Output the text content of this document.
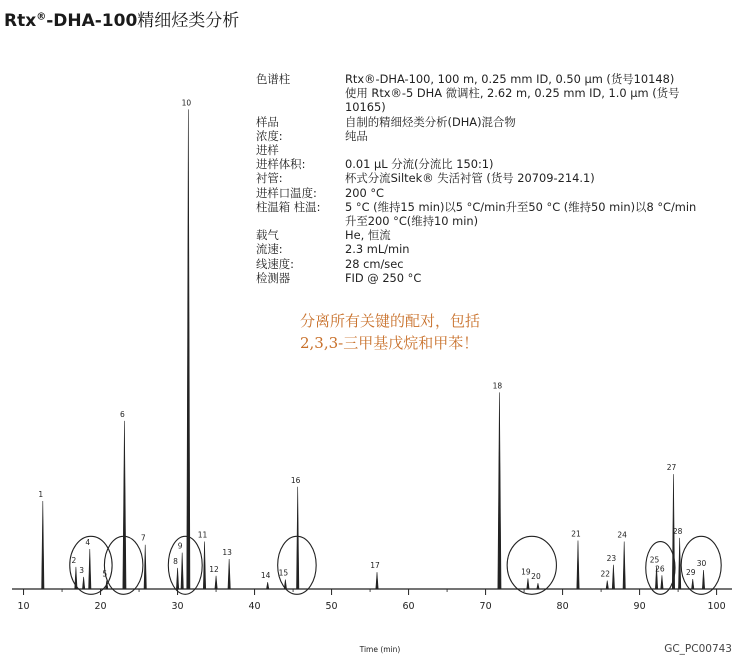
Rtx®-DHA-100精细烃类分析
10	20	30	40	50	60	70	80	90	100
Time (min)
1
2
3
4
5
6
7
8
9
10
11
12
13
14 15
16
17
18
19
20
21
22
23
24
25
26
27
28
29
30
色谱柱	Rtx®-DHA-100, 100 m, 0.25 mm ID, 0.50 µm (货号10148)
使用 Rtx®-5 DHA 微调柱, 2.62 m, 0.25 mm ID, 1.0 µm (货号10165)
样品	自制的精细烃类分析(DHA)混合物
浓度:	纯品
进样
进样体积:	0.01 µL 分流(分流比 150:1)
衬管:	杯式分流Siltek® 失活衬管 (货号 20709-214.1)
进样口温度:	200 °C
柱温箱 柱温:	5 °C (维持15 min)以5 °C/min升至50 °C (维持50 min)以8 °C/min 升至200 °C(维持10 min)
载气	He, 恒流
流速:	2.3 mL/min
线速度:	28 cm/sec
检测器	FID @ 250 °C
分离所有关键的配对，包括
2,3,3-三甲基戊烷和甲苯！
GC_PC00743
